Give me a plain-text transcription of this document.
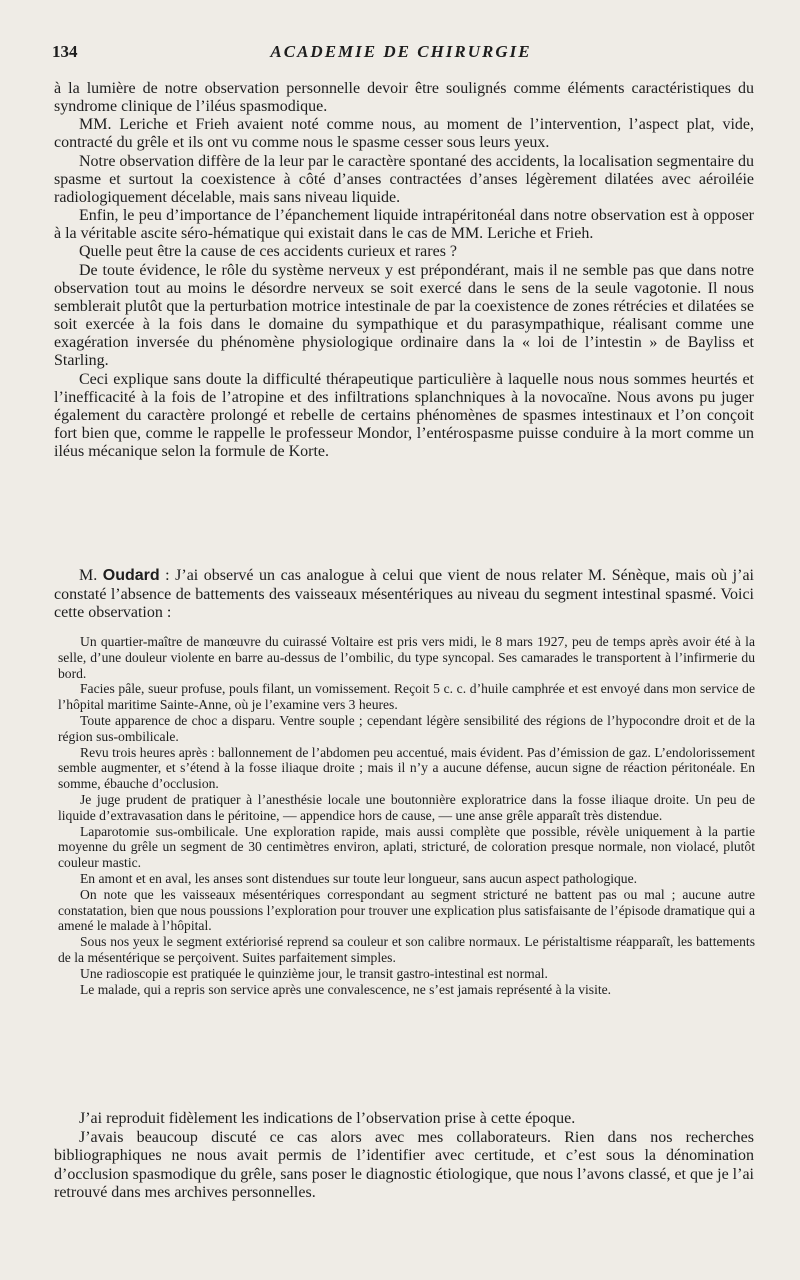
134	ACADEMIE DE CHIRURGIE

à la lumière de notre observation personnelle devoir être soulignés comme éléments caractéristiques du syndrome clinique de l’iléus spasmodique.

MM. Leriche et Frieh avaient noté comme nous, au moment de l’intervention, l’aspect plat, vide, contracté du grêle et ils ont vu comme nous le spasme cesser sous leurs yeux.

Notre observation diffère de la leur par le caractère spontané des accidents, la localisation segmentaire du spasme et surtout la coexistence à côté d’anses contractées d’anses légèrement dilatées avec aéroiléie radiologiquement décelable, mais sans niveau liquide.

Enfin, le peu d’importance de l’épanchement liquide intrapéritonéal dans notre observation est à opposer à la véritable ascite séro-hématique qui existait dans le cas de MM. Leriche et Frieh.

Quelle peut être la cause de ces accidents curieux et rares ?

De toute évidence, le rôle du système nerveux y est prépondérant, mais il ne semble pas que dans notre observation tout au moins le désordre nerveux se soit exercé dans le sens de la seule vagotonie. Il nous semblerait plutôt que la perturbation motrice intestinale de par la coexistence de zones rétrécies et dilatées se soit exercée à la fois dans le domaine du sympathique et du parasympathique, réalisant comme une exagération inversée du phénomène physiologique ordinaire dans la « loi de l’intestin » de Bayliss et Starling.

Ceci explique sans doute la difficulté thérapeutique particulière à laquelle nous nous sommes heurtés et l’inefficacité à la fois de l’atropine et des infiltrations splanchniques à la novocaïne. Nous avons pu juger également du caractère prolongé et rebelle de certains phénomènes de spasmes intestinaux et l’on conçoit fort bien que, comme le rappelle le professeur Mondor, l’entérospasme puisse conduire à la mort comme un iléus mécanique selon la formule de Korte.

M. Oudard : J’ai observé un cas analogue à celui que vient de nous relater M. Sénèque, mais où j’ai constaté l’absence de battements des vaisseaux mésentériques au niveau du segment intestinal spasmé. Voici cette observation :

Un quartier-maître de manœuvre du cuirassé Voltaire est pris vers midi, le 8 mars 1927, peu de temps après avoir été à la selle, d’une douleur violente en barre au-dessus de l’ombilic, du type syncopal. Ses camarades le transportent à l’infirmerie du bord.

Facies pâle, sueur profuse, pouls filant, un vomissement. Reçoit 5 c. c. d’huile camphrée et est envoyé dans mon service de l’hôpital maritime Sainte-Anne, où je l’examine vers 3 heures.

Toute apparence de choc a disparu. Ventre souple ; cependant légère sensibilité des régions de l’hypocondre droit et de la région sus-ombilicale.

Revu trois heures après : ballonnement de l’abdomen peu accentué, mais évident. Pas d’émission de gaz. L’endolorissement semble augmenter, et s’étend à la fosse iliaque droite ; mais il n’y a aucune défense, aucun signe de réaction péritonéale. En somme, ébauche d’occlusion.

Je juge prudent de pratiquer à l’anesthésie locale une boutonnière exploratrice dans la fosse iliaque droite. Un peu de liquide d’extravasation dans le péritoine, — appendice hors de cause, — une anse grêle apparaît très distendue.

Laparotomie sus-ombilicale. Une exploration rapide, mais aussi complète que possible, révèle uniquement à la partie moyenne du grêle un segment de 30 centimètres environ, aplati, stricturé, de coloration presque normale, non violacé, plutôt couleur mastic.

En amont et en aval, les anses sont distendues sur toute leur longueur, sans aucun aspect pathologique.

On note que les vaisseaux mésentériques correspondant au segment stricturé ne battent pas ou mal ; aucune autre constatation, bien que nous poussions l’exploration pour trouver une explication plus satisfaisante de l’épisode dramatique qui a amené le malade à l’hôpital.

Sous nos yeux le segment extériorisé reprend sa couleur et son calibre normaux. Le péristaltisme réapparaît, les battements de la mésentérique se perçoivent. Suites parfaitement simples.

Une radioscopie est pratiquée le quinzième jour, le transit gastro-intestinal est normal.

Le malade, qui a repris son service après une convalescence, ne s’est jamais représenté à la visite.

J’ai reproduit fidèlement les indications de l’observation prise à cette époque.

J’avais beaucoup discuté ce cas alors avec mes collaborateurs. Rien dans nos recherches bibliographiques ne nous avait permis de l’identifier avec certitude, et c’est sous la dénomination d’occlusion spasmodique du grêle, sans poser le diagnostic étiologique, que nous l’avons classé, et que je l’ai retrouvé dans mes archives personnelles.
